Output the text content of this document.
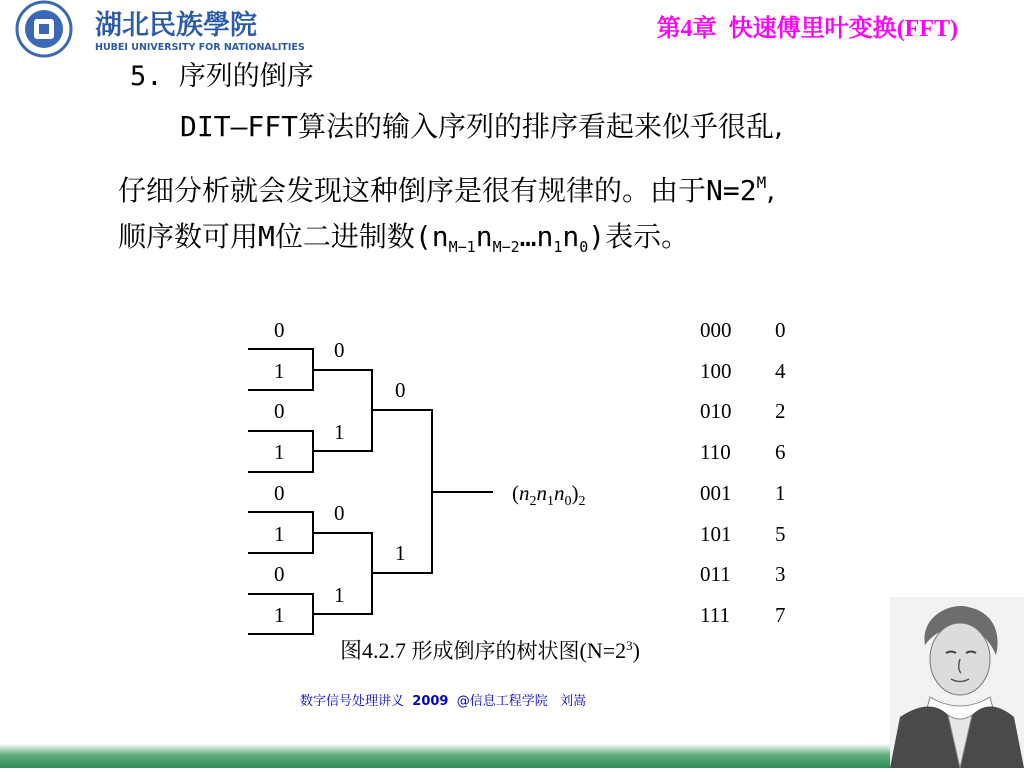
湖北民族學院
HUBEI UNIVERSITY FOR NATIONALITIES
第4章 快速傅里叶变换(FFT)
5. 序列的倒序
DIT—FFT算法的输入序列的排序看起来似乎很乱,
仔细分析就会发现这种倒序是很有规律的。由于$N=2^M$,
顺序数可用M位二进制数$(n_{M-1}n_{M-2}\dots n_1n_0)$表示。
0
1
0
1
0
1
0
1
0
1
0
1
0
1
$(n_2n_1n_0)_2$
000
100
010
110
001
101
011
111
0
4
2
6
1
5
3
7
图4.2.7 形成倒序的树状图$(N=2^3)$
数字信号处理讲义 2009 @信息工程学院 刘嵩
